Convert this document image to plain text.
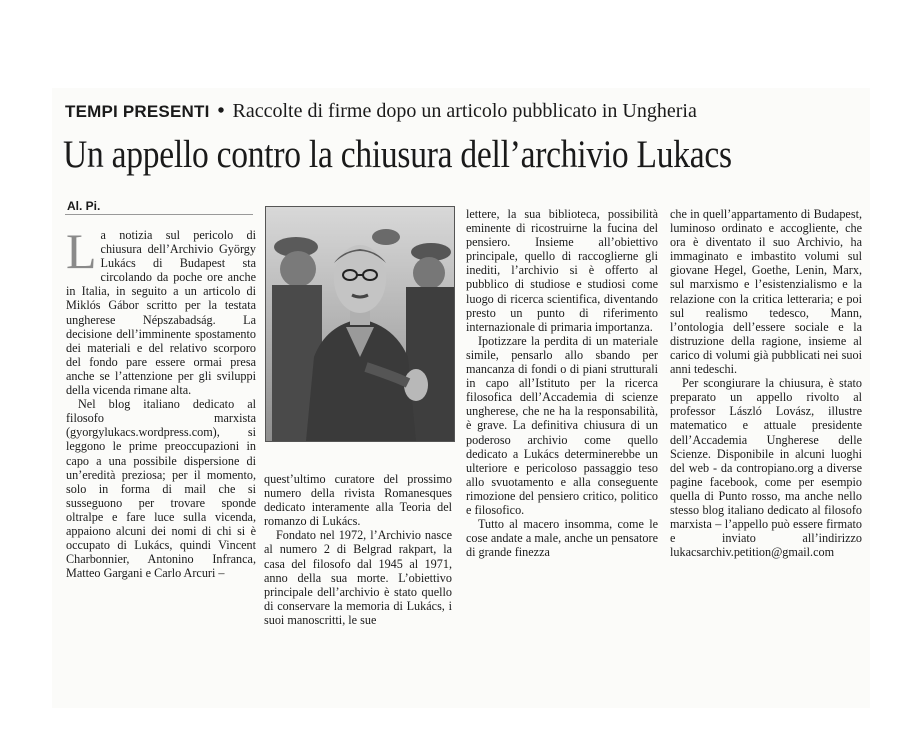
TEMPI PRESENTI • Raccolte di firme dopo un articolo pubblicato in Ungheria
Un appello contro la chiusura dell’archivio Lukacs
Al. Pi.

La notizia sul pericolo di chiusura dell’Archivio György Lukács di Budapest sta circolando da poche ore anche in Italia, in seguito a un articolo di Miklós Gábor scritto per la testata ungherese Népszabadság. La decisione dell’imminente spostamento dei materiali e del relativo scorporo del fondo pare essere ormai presa anche se l’attenzione per gli sviluppi della vicenda rimane alta.

Nel blog italiano dedicato al filosofo marxista (gyorgylukacs.wordpress.com), si leggono le prime preoccupazioni in capo a una possibile dispersione di un’eredità preziosa; per il momento, solo in forma di mail che si susseguono per trovare sponde oltralpe e fare luce sulla vicenda, appaiono alcuni dei nomi di chi si è occupato di Lukács, quindi Vincent Charbonnier, Antonino Infranca, Matteo Gargani e Carlo Arcuri –

quest’ultimo curatore del prossimo numero della rivista Romanesques dedicato interamente alla Teoria del romanzo di Lukács.

Fondato nel 1972, l’Archivio nasce al numero 2 di Belgrad rakpart, la casa del filosofo dal 1945 al 1971, anno della sua morte. L’obiettivo principale dell’archivio è stato quello di conservare la memoria di Lukács, i suoi manoscritti, le sue

lettere, la sua biblioteca, possibilità eminente di ricostruirne la fucina del pensiero. Insieme all’obiettivo principale, quello di raccoglierne gli inediti, l’archivio si è offerto al pubblico di studiose e studiosi come luogo di ricerca scientifica, diventando presto un punto di riferimento internazionale di primaria importanza.

Ipotizzare la perdita di un materiale simile, pensarlo allo sbando per mancanza di fondi o di piani strutturali in capo all’Istituto per la ricerca filosofica dell’Accademia di scienze ungherese, che ne ha la responsabilità, è grave. La definitiva chiusura di un poderoso archivio come quello dedicato a Lukács determinerebbe un ulteriore e pericoloso passaggio teso allo svuotamento e alla conseguente rimozione del pensiero critico, politico e filosofico.

Tutto al macero insomma, come le cose andate a male, anche un pensatore di grande finezza

che in quell’appartamento di Budapest, luminoso ordinato e accogliente, che ora è diventato il suo Archivio, ha immaginato e imbastito volumi sul giovane Hegel, Goethe, Lenin, Marx, sul marxismo e l’esistenzialismo e la relazione con la critica letteraria; e poi sul realismo tedesco, Mann, l’ontologia dell’essere sociale e la distruzione della ragione, insieme al carico di volumi già pubblicati nei suoi anni tedeschi.

Per scongiurare la chiusura, è stato preparato un appello rivolto al professor László Lovász, illustre matematico e attuale presidente dell’Accademia Ungherese delle Scienze. Disponibile in alcuni luoghi del web - da contropiano.org a diverse pagine facebook, come per esempio quella di Punto rosso, ma anche nello stesso blog italiano dedicato al filosofo marxista – l’appello può essere firmato e inviato all’indirizzo lukacsarchiv.petition@gmail.com
